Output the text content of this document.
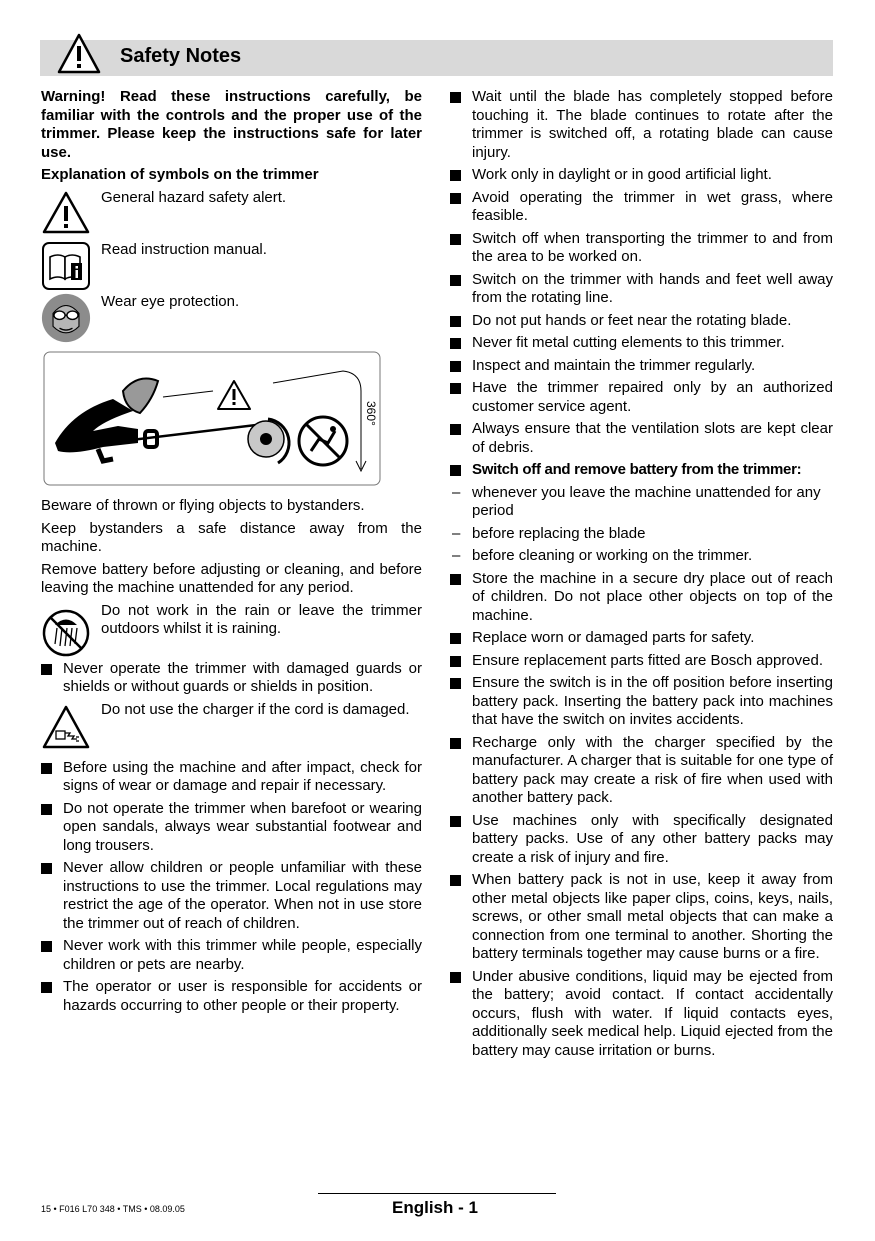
Safety Notes

Warning! Read these instructions carefully, be familiar with the controls and the proper use of the trimmer. Please keep the instructions safe for later use.

Explanation of symbols on the trimmer

General hazard safety alert.
Read instruction manual.
Wear eye protection.
360°

Beware of thrown or flying objects to bystanders.

Keep bystanders a safe distance away from the machine.

Remove battery before adjusting or cleaning, and before leaving the machine unattended for any period.

Do not work in the rain or leave the trimmer outdoors whilst it is raining.
Never operate the trimmer with damaged guards or shields or without guards or shields in position.
Do not use the charger if the cord is damaged.
Before using the machine and after impact, check for signs of wear or damage and repair if necessary.
Do not operate the trimmer when barefoot or wearing open sandals, always wear substantial footwear and long trousers.
Never allow children or people unfamiliar with these instructions to use the trimmer. Local regulations may restrict the age of the operator. When not in use store the trimmer out of reach of children.
Never work with this trimmer while people, especially children or pets are nearby.
The operator or user is responsible for accidents or hazards occurring to other people or their property.
Wait until the blade has completely stopped before touching it. The blade continues to rotate after the trimmer is switched off, a rotating blade can cause injury.
Work only in daylight or in good artificial light.
Avoid operating the trimmer in wet grass, where feasible.
Switch off when transporting the trimmer to and from the area to be worked on.
Switch on the trimmer with hands and feet well away from the rotating line.
Do not put hands or feet near the rotating blade.
Never fit metal cutting elements to this trimmer.
Inspect and maintain the trimmer regularly.
Have the trimmer repaired only by an authorized customer service agent.
Always ensure that the ventilation slots are kept clear of debris.
Switch off and remove battery from the trimmer:
– whenever you leave the machine unattended for any period
– before replacing the blade
– before cleaning or working on the trimmer.
Store the machine in a secure dry place out of reach of children. Do not place other objects on top of the machine.
Replace worn or damaged parts for safety.
Ensure replacement parts fitted are Bosch approved.
Ensure the switch is in the off position before inserting battery pack. Inserting the battery pack into machines that have the switch on invites accidents.
Recharge only with the charger specified by the manufacturer. A charger that is suitable for one type of battery pack may create a risk of fire when used with another battery pack.
Use machines only with specifically designated battery packs. Use of any other battery packs may create a risk of injury and fire.
When battery pack is not in use, keep it away from other metal objects like paper clips, coins, keys, nails, screws, or other small metal objects that can make a connection from one terminal to another. Shorting the battery terminals together may cause burns or a fire.
Under abusive conditions, liquid may be ejected from the battery; avoid contact. If contact accidentally occurs, flush with water. If liquid contacts eyes, additionally seek medical help. Liquid ejected from the battery may cause irritation or burns.
15 • F016 L70 348 • TMS • 08.09.05	English - 1
